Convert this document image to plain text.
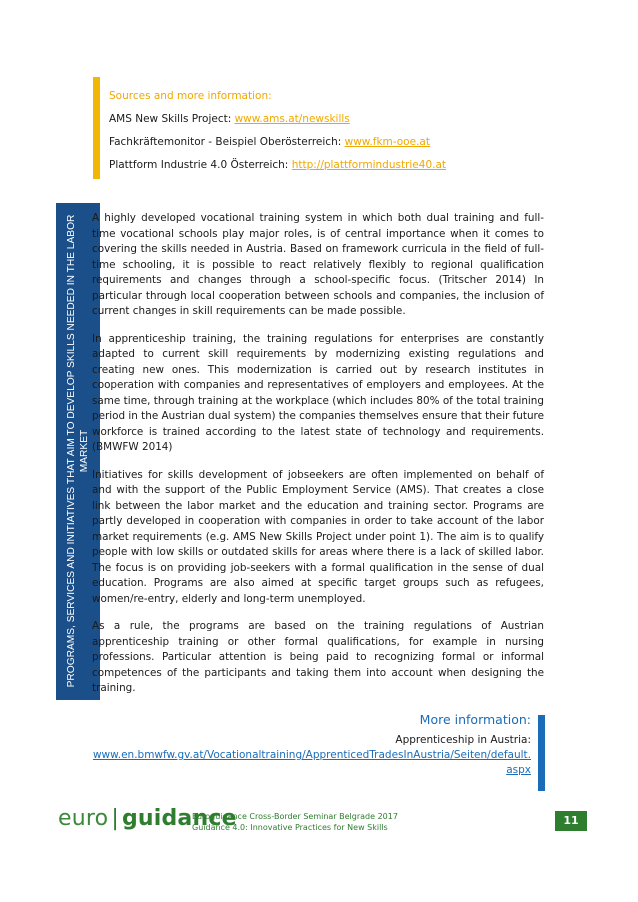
Sources and more information:
AMS New Skills Project: www.ams.at/newskills
Fachkräftemonitor - Beispiel Oberösterreich: www.fkm-ooe.at
Plattform Industrie 4.0 Österreich: http://plattformindustrie40.at
PROGRAMS, SERVICES AND INITIATIVES THAT AIM TO DEVELOP SKILLS NEEDED IN THE LABOR MARKET

A highly developed vocational training system in which both dual training and full-time vocational schools play major roles, is of central importance when it comes to covering the skills needed in Austria. Based on framework curricula in the field of full-time schooling, it is possible to react relatively flexibly to regional qualification requirements and changes through a school-specific focus. (Tritscher 2014) In particular through local cooperation between schools and companies, the inclusion of current changes in skill requirements can be made possible.

In apprenticeship training, the training regulations for enterprises are constantly adapted to current skill requirements by modernizing existing regulations and creating new ones. This modernization is carried out by research institutes in cooperation with companies and representatives of employers and employees. At the same time, through training at the workplace (which includes 80% of the total training period in the Austrian dual system) the companies themselves ensure that their future workforce is trained according to the latest state of technology and requirements. (BMWFW 2014)

Initiatives for skills development of jobseekers are often implemented on behalf of and with the support of the Public Employment Service (AMS). That creates a close link between the labor market and the education and training sector. Programs are partly developed in cooperation with companies in order to take account of the labor market requirements (e.g. AMS New Skills Project under point 1). The aim is to qualify people with low skills or outdated skills for areas where there is a lack of skilled labor. The focus is on providing job-seekers with a formal qualification in the sense of dual education. Programs are also aimed at specific target groups such as refugees, women/re-entry, elderly and long-term unemployed.

As a rule, the programs are based on the training regulations of Austrian apprenticeship training or other formal qualifications, for example in nursing professions. Particular attention is being paid to recognizing formal or informal competences of the participants and taking them into account when designing the training.

More information:
Apprenticeship in Austria:
www.en.bmwfw.gv.at/Vocationaltraining/ApprenticedTradesInAustria/Seiten/default.aspx
euro | guidance
Euroguidance Cross-Border Seminar Belgrade 2017
Guidance 4.0: Innovative Practices for New Skills
11
